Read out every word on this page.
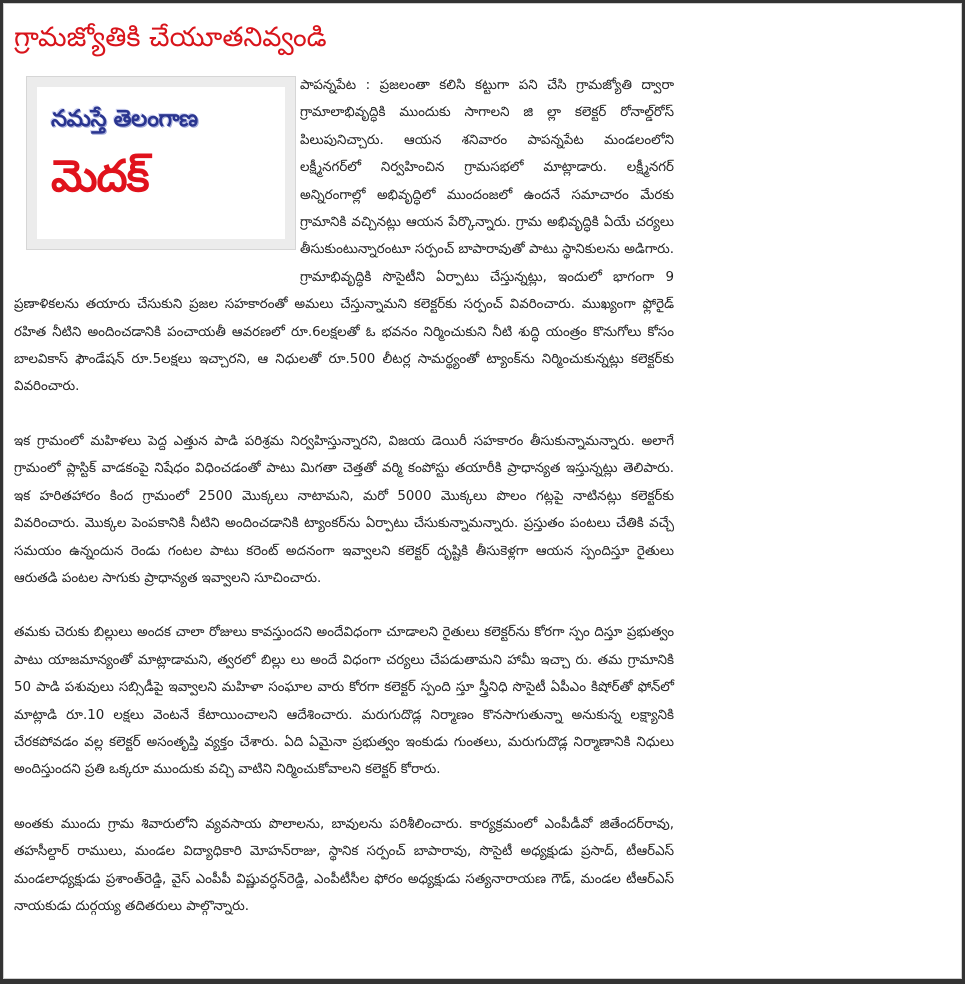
గ్రామజ్యోతికి చేయూతనివ్వండి
నమస్తే తెలంగాణ
మెదక్

పాపన్నపేట : ప్రజలంతా కలిసి కట్టుగా పని చేసి గ్రామజ్యోతి ద్వారా గ్రామాలాభివృద్ధికి ముందుకు సాగాలని జి ల్లా కలెక్టర్ రోనాల్డ్‌రోస్ పిలుపునిచ్చారు. ఆయన శనివారం పాపన్నపేట మండలంలోని లక్ష్మీనగర్‌లో నిర్వహించిన గ్రామసభలో మాట్లాడారు. లక్ష్మీనగర్ అన్నిరంగాల్లో అభివృద్ధిలో ముందంజలో ఉందనే సమాచారం మేరకు గ్రామానికి వచ్చినట్లు ఆయన పేర్కొన్నారు. గ్రామ అభివృద్ధికి ఏయే చర్యలు తీసుకుంటున్నారంటూ సర్పంచ్ బాపారావుతో పాటు స్థానికులను అడిగారు. గ్రామాభివృద్ధికి సొసైటీని ఏర్పాటు చేస్తున్నట్లు, ఇందులో భాగంగా 9 ప్రణాళికలను తయారు చేసుకుని ప్రజల సహకారంతో అమలు చేస్తున్నామని కలెక్టర్‌కు సర్పంచ్ వివరించారు. ముఖ్యంగా ఫ్లోరైడ్ రహిత నీటిని అందించడానికి పంచాయతీ ఆవరణలో రూ.6లక్షలతో ఓ భవనం నిర్మించుకుని నీటి శుద్ధి యంత్రం కొనుగోలు కోసం బాలవికాస్ ఫౌండేషన్ రూ.5లక్షలు ఇచ్చారని, ఆ నిధులతో రూ.500 లీటర్ల సామర్థ్యంతో ట్యాంక్‌ను నిర్మించుకున్నట్లు కలెక్టర్‌కు వివరించారు.

ఇక గ్రామంలో మహిళలు పెద్ద ఎత్తున పాడి పరిశ్రమ నిర్వహిస్తున్నారని, విజయ డెయిరీ సహకారం తీసుకున్నామన్నారు. అలాగే గ్రామంలో ప్లాస్టిక్ వాడకంపై నిషేధం విధించడంతో పాటు మిగతా చెత్తతో వర్మి కంపోస్టు తయారీకి ప్రాధాన్యత ఇస్తున్నట్లు తెలిపారు. ఇక హరితహారం కింద గ్రామంలో 2500 మొక్కలు నాటామని, మరో 5000 మొక్కలు పొలం గట్లపై నాటినట్లు కలెక్టర్‌కు వివరించారు. మొక్కల పెంపకానికి నీటిని అందించడానికి ట్యాంకర్‌ను ఏర్పాటు చేసుకున్నామన్నారు. ప్రస్తుతం పంటలు చేతికి వచ్చే సమయం ఉన్నందున రెండు గంటల పాటు కరెంట్ అదనంగా ఇవ్వాలని కలెక్టర్ దృష్టికి తీసుకెళ్లగా ఆయన స్పందిస్తూ రైతులు ఆరుతడి పంటల సాగుకు ప్రాధాన్యత ఇవ్వాలని సూచించారు.

తమకు చెరుకు బిల్లులు అందక చాలా రోజులు కావస్తుందని అందేవిధంగా చూడాలని రైతులు కలెక్టర్‌ను కోరగా స్పం దిస్తూ ప్రభుత్వం పాటు యాజమాన్యంతో మాట్లాడామని, త్వరలో బిల్లు లు అందే విధంగా చర్యలు చేపడుతామని హామీ ఇచ్చా రు. తమ గ్రామానికి 50 పాడి పశువులు సబ్సిడీపై ఇవ్వాలని మహిళా సంఘాల వారు కోరగా కలెక్టర్ స్పంది స్తూ స్త్రీనిధి సొసైటీ ఏపీఎం కిషోర్‌తో ఫోన్‌లో మాట్లాడి రూ.10 లక్షలు వెంటనే కేటాయించాలని ఆదేశించారు. మరుగుదొడ్ల నిర్మాణం కొనసాగుతున్నా అనుకున్న లక్ష్యానికి చేరకపోవడం వల్ల కలెక్టర్ అసంతృప్తి వ్యక్తం చేశారు. ఏది ఏమైనా ప్రభుత్వం ఇంకుడు గుంతలు, మరుగుదొడ్ల నిర్మాణానికి నిధులు అందిస్తుందని ప్రతి ఒక్కరూ ముందుకు వచ్చి వాటిని నిర్మించుకోవాలని కలెక్టర్ కోరారు.

అంతకు ముందు గ్రామ శివారులోని వ్యవసాయ పొలాలను, బావులను పరిశీలించారు. కార్యక్రమంలో ఎంపీడీవో జితేందర్‌రావు, తహసీల్దార్ రాములు, మండల విద్యాధికారి మోహన్‌రాజు, స్థానిక సర్పంచ్ బాపారావు, సొసైటీ అధ్యక్షుడు ప్రసాద్, టీఆర్‌ఎస్ మండలాధ్యక్షుడు ప్రశాంత్‌రెడ్డి, వైస్ ఎంపీపీ విష్ణువర్ధన్‌రెడ్డి, ఎంపీటీసీల ఫోరం అధ్యక్షుడు సత్యనారాయణ గౌడ్, మండల టీఆర్‌ఎస్ నాయకుడు దుర్గయ్య తదితరులు పాల్గొన్నారు.
